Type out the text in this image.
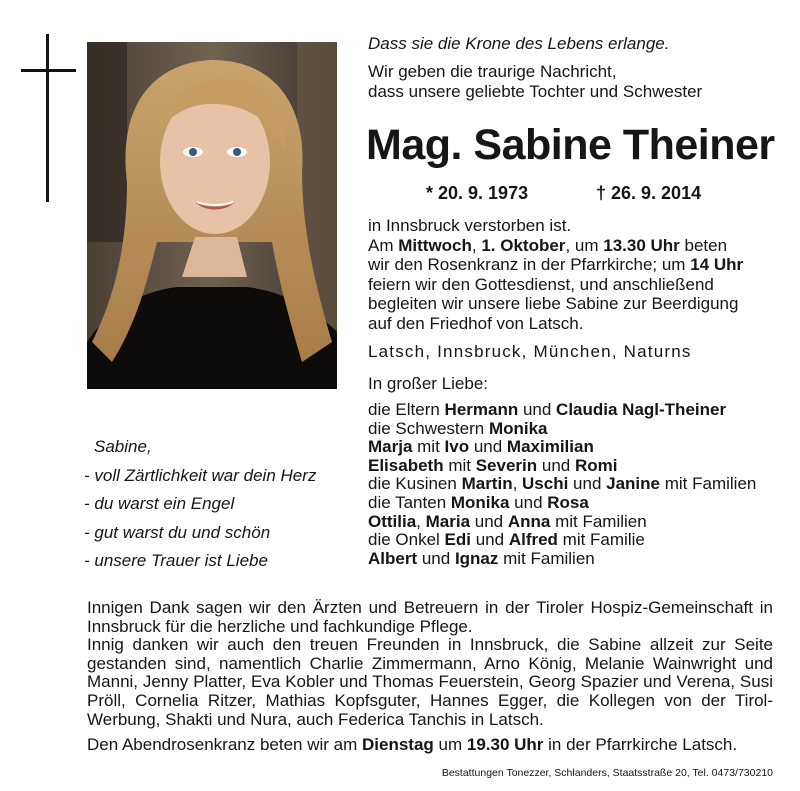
Dass sie die Krone des Lebens erlange.
Wir geben die traurige Nachricht,
dass unsere geliebte Tochter und Schwester
Mag. Sabine Theiner
* 20. 9. 1973	† 26. 9. 2014

in Innsbruck verstorben ist.

Am Mittwoch, 1. Oktober, um 13.30 Uhr beten

wir den Rosenkranz in der Pfarrkirche; um 14 Uhr

feiern wir den Gottesdienst, und anschließend

begleiten wir unsere liebe Sabine zur Beerdigung

auf den Friedhof von Latsch.

Latsch, Innsbruck, München, Naturns
In großer Liebe:
die Eltern Hermann und Claudia Nagl-Theiner
die Schwestern Monika
Marja mit Ivo und Maximilian
Elisabeth mit Severin und Romi
die Kusinen Martin, Uschi und Janine mit Familien
die Tanten Monika und Rosa
Ottilia, Maria und Anna mit Familien
die Onkel Edi und Alfred mit Familie
Albert und Ignaz mit Familien
Sabine,
- voll Zärtlichkeit war dein Herz
- du warst ein Engel
- gut warst du und schön
- unsere Trauer ist Liebe

Innigen Dank sagen wir den Ärzten und Betreuern in der Tiroler Hospiz-Gemeinschaft in Innsbruck für die herzliche und fachkundige Pflege.

Innig danken wir auch den treuen Freunden in Innsbruck, die Sabine allzeit zur Seite gestanden sind, namentlich Charlie Zimmermann, Arno König, Melanie Wainwright und Manni, Jenny Platter, Eva Kobler und Thomas Feuerstein, Georg Spazier und Verena, Susi Pröll, Cornelia Ritzer, Mathias Kopfsguter, Hannes Egger, die Kollegen von der Tirol-Werbung, Shakti und Nura, auch Federica Tanchis in Latsch.

Den Abendrosenkranz beten wir am Dienstag um 19.30 Uhr in der Pfarrkirche Latsch.
Bestattungen Tonezzer, Schlanders, Staatsstraße 20, Tel. 0473/730210
